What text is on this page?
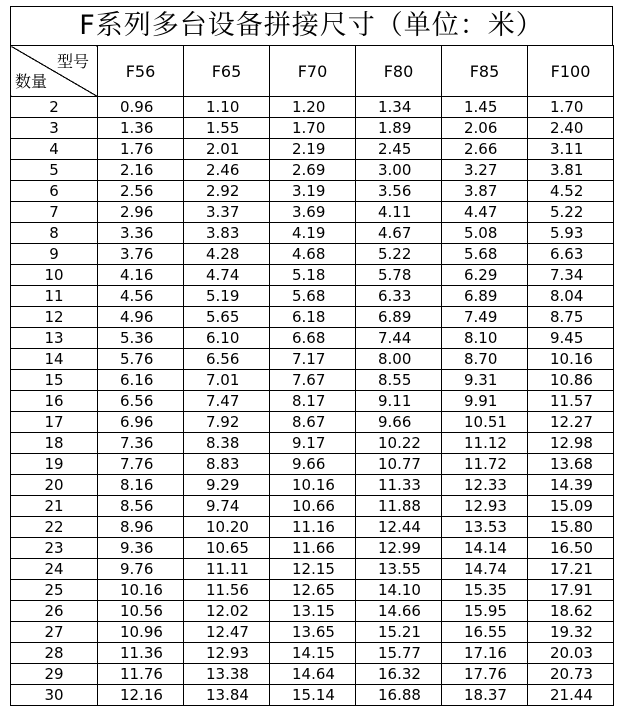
F系列多台设备拼接尺寸（单位：米）
型号
数量	F56	F65	F70	F80	F85	F100
2	0.96	1.10	1.20	1.34	1.45	1.70
3	1.36	1.55	1.70	1.89	2.06	2.40
4	1.76	2.01	2.19	2.45	2.66	3.11
5	2.16	2.46	2.69	3.00	3.27	3.81
6	2.56	2.92	3.19	3.56	3.87	4.52
7	2.96	3.37	3.69	4.11	4.47	5.22
8	3.36	3.83	4.19	4.67	5.08	5.93
9	3.76	4.28	4.68	5.22	5.68	6.63
10	4.16	4.74	5.18	5.78	6.29	7.34
11	4.56	5.19	5.68	6.33	6.89	8.04
12	4.96	5.65	6.18	6.89	7.49	8.75
13	5.36	6.10	6.68	7.44	8.10	9.45
14	5.76	6.56	7.17	8.00	8.70	10.16
15	6.16	7.01	7.67	8.55	9.31	10.86
16	6.56	7.47	8.17	9.11	9.91	11.57
17	6.96	7.92	8.67	9.66	10.51	12.27
18	7.36	8.38	9.17	10.22	11.12	12.98
19	7.76	8.83	9.66	10.77	11.72	13.68
20	8.16	9.29	10.16	11.33	12.33	14.39
21	8.56	9.74	10.66	11.88	12.93	15.09
22	8.96	10.20	11.16	12.44	13.53	15.80
23	9.36	10.65	11.66	12.99	14.14	16.50
24	9.76	11.11	12.15	13.55	14.74	17.21
25	10.16	11.56	12.65	14.10	15.35	17.91
26	10.56	12.02	13.15	14.66	15.95	18.62
27	10.96	12.47	13.65	15.21	16.55	19.32
28	11.36	12.93	14.15	15.77	17.16	20.03
29	11.76	13.38	14.64	16.32	17.76	20.73
30	12.16	13.84	15.14	16.88	18.37	21.44
